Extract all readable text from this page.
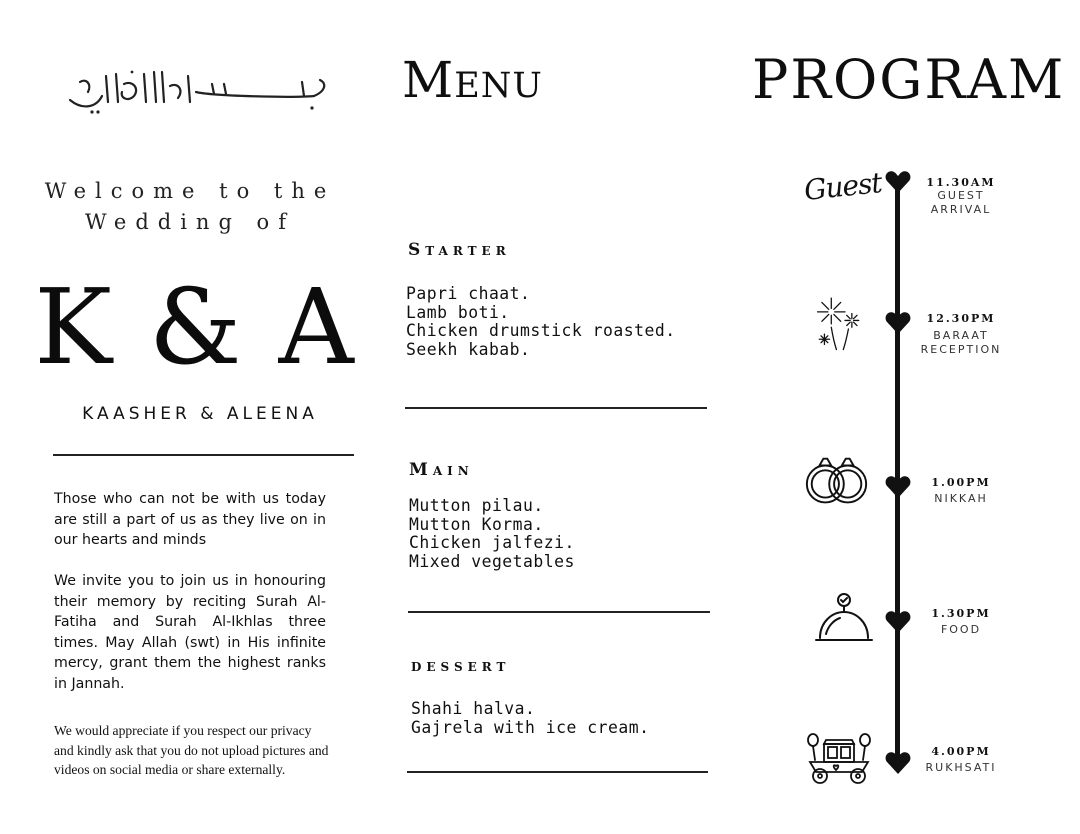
Welcome to the
Wedding of
K & A
KAASHER & ALEENA
Those who can not be with us today are still a part of us as they live on in our hearts and minds
We invite you to join us in honouring their memory by reciting Surah Al-Fatiha and Surah Al-Ikhlas three times. May Allah (swt) in His infinite mercy, grant them the highest ranks in Jannah.
We would appreciate if you respect our privacy and kindly ask that you do not upload pictures and videos on social media or share externally.
Menu
Starter
Papri chaat.
Lamb boti.
Chicken drumstick roasted.
Seekh kabab.
Main
Mutton pilau.
Mutton Korma.
Chicken jalfezi.
Mixed vegetables
dessert
Shahi halva.
Gajrela with ice cream.
PROGRAM
Guest	11.30AM
GUEST
ARRIVAL
12.30PM
BARAAT
RECEPTION
1.00PM
NIKKAH
1.30PM
FOOD
4.00PM
RUKHSATI
